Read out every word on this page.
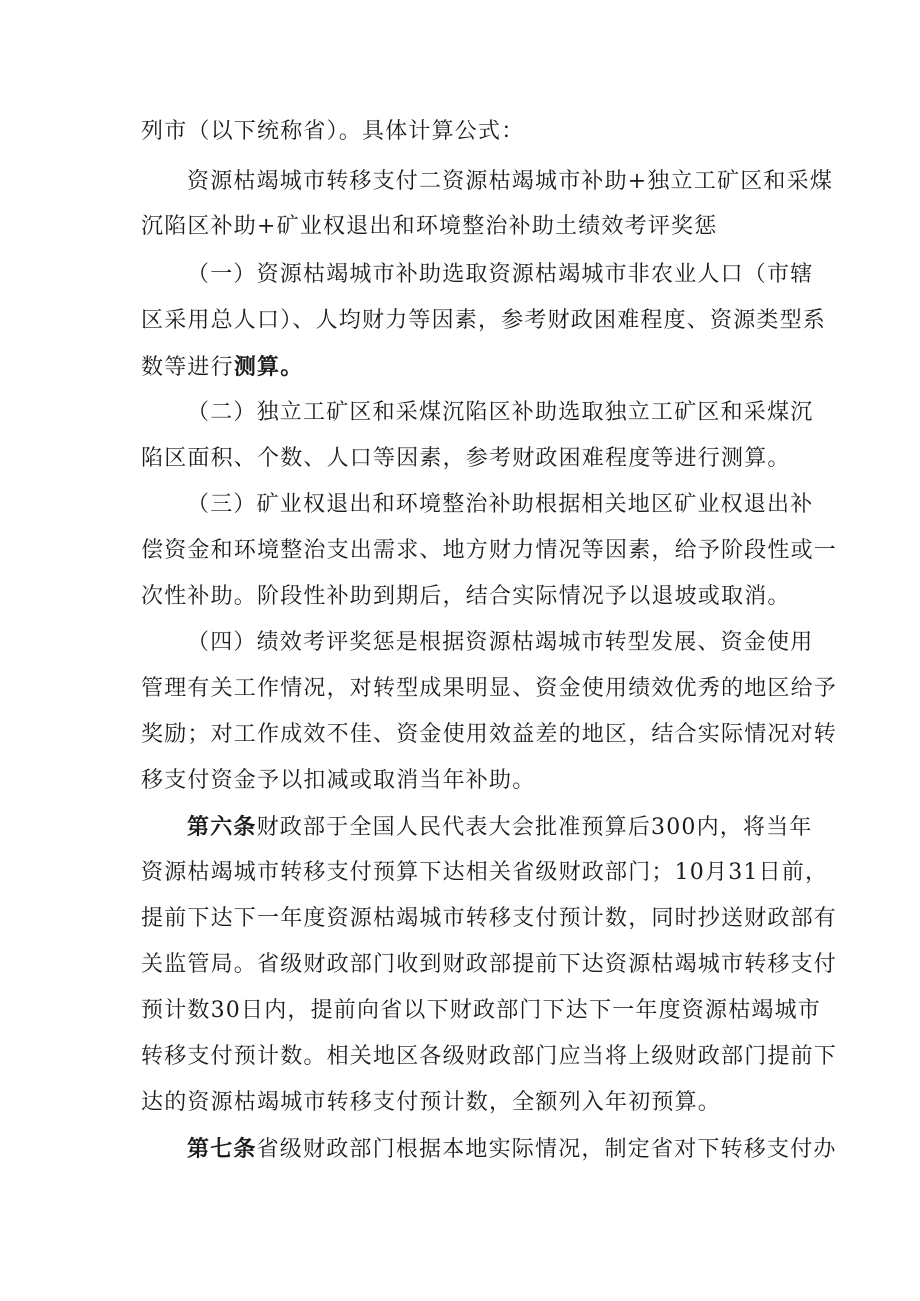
列市（以下统称省）。具体计算公式：
资源枯竭城市转移支付二资源枯竭城市补助+独立工矿区和采煤
沉陷区补助+矿业权退出和环境整治补助土绩效考评奖惩
（一）资源枯竭城市补助选取资源枯竭城市非农业人口（市辖
区采用总人口）、人均财力等因素，参考财政困难程度、资源类型系
数等进行测算。
（二）独立工矿区和采煤沉陷区补助选取独立工矿区和采煤沉
陷区面积、个数、人口等因素，参考财政困难程度等进行测算。
（三）矿业权退出和环境整治补助根据相关地区矿业权退出补
偿资金和环境整治支出需求、地方财力情况等因素，给予阶段性或一
次性补助。阶段性补助到期后，结合实际情况予以退坡或取消。
（四）绩效考评奖惩是根据资源枯竭城市转型发展、资金使用
管理有关工作情况，对转型成果明显、资金使用绩效优秀的地区给予
奖励；对工作成效不佳、资金使用效益差的地区，结合实际情况对转
移支付资金予以扣减或取消当年补助。
第六条财政部于全国人民代表大会批准预算后300内，将当年
资源枯竭城市转移支付预算下达相关省级财政部门；10月31日前，
提前下达下一年度资源枯竭城市转移支付预计数，同时抄送财政部有
关监管局。省级财政部门收到财政部提前下达资源枯竭城市转移支付
预计数30日内，提前向省以下财政部门下达下一年度资源枯竭城市
转移支付预计数。相关地区各级财政部门应当将上级财政部门提前下
达的资源枯竭城市转移支付预计数，全额列入年初预算。
第七条省级财政部门根据本地实际情况，制定省对下转移支付办
